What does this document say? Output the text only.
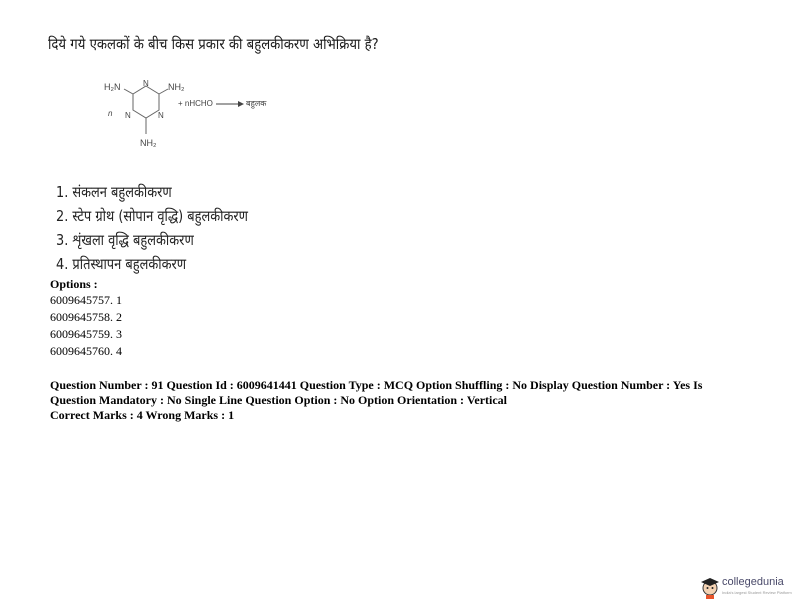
दिये गये एकलकों के बीच किस प्रकार की बहुलकीकरण अभिक्रिया है?
H₂N	NH₂
NH₂
N
N	N
n
+ nHCHO	बहुलक
1. संकलन बहुलकीकरण
2. स्टेप ग्रोथ (सोपान वृद्धि) बहुलकीकरण
3. शृंखला वृद्धि बहुलकीकरण
4. प्रतिस्थापन बहुलकीकरण
Options :
6009645757. 1
6009645758. 2
6009645759. 3
6009645760. 4
Question Number : 91 Question Id : 6009641441 Question Type : MCQ Option Shuffling : No Display Question Number : Yes Is
Question Mandatory : No Single Line Question Option : No Option Orientation : Vertical
Correct Marks : 4 Wrong Marks : 1
collegedunia
India's largest Student Review Platform
